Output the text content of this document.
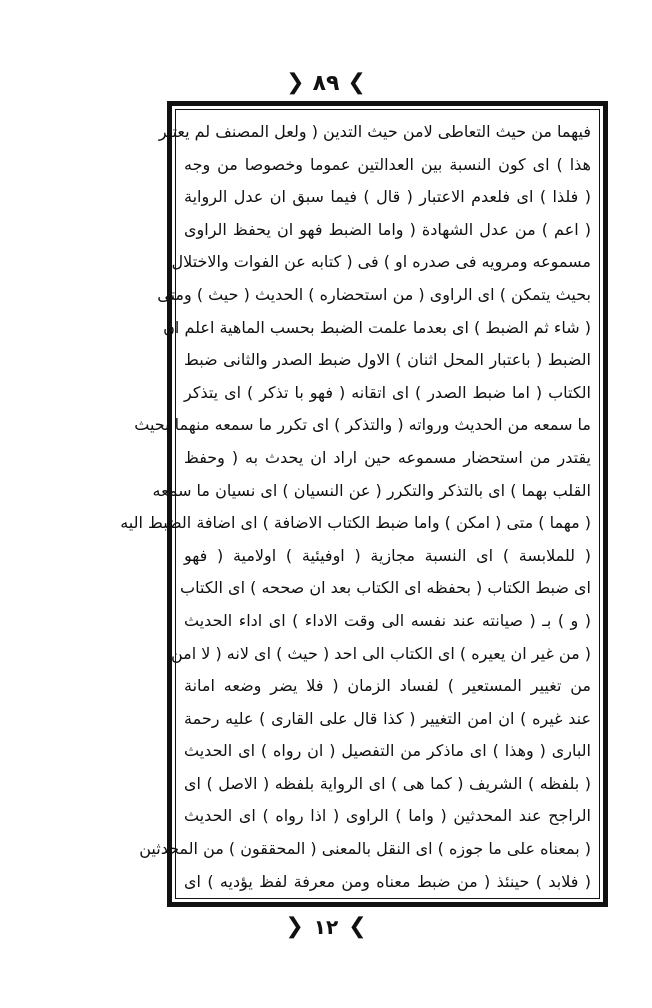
❯
٨٩
❮
فيهما من حيث التعاطى لامن حيث التدين ( ولعل المصنف لم يعتبر
هذا ) اى كون النسبة بين العدالتين عموما وخصوصا من وجه
( فلذا ) اى فلعدم الاعتبار ( قال ) فيما سبق ان عدل الرواية
( اعم ) من عدل الشهادة ( واما الضبط فهو ان يحفظ الراوى
مسموعه ومرويه فى صدره او ) فى ( كتابه عن الفوات والاختلال
بحيث يتمكن ) اى الراوى ( من استحضاره ) الحديث ( حيث ) ومتى
( شاء ثم الضبط ) اى بعدما علمت الضبط بحسب الماهية اعلم ان
الضبط ( باعتبار المحل اثنان ) الاول ضبط الصدر والثانى ضبط
الكتاب ( اما ضبط الصدر ) اى اتقانه ( فهو با تذكر ) اى يتذكر
ما سمعه من الحديث ورواته ( والتذكر ) اى تكرر ما سمعه منهما بحيث
يقتدر من استحضار مسموعه حين اراد ان يحدث به ( وحفظ
القلب بهما ) اى بالتذكر والتكرر ( عن النسيان ) اى نسيان ما سمعه
( مهما ) متى ( امكن ) واما ضبط الكتاب الاضافة ) اى اضافة الضبط اليه
( للملابسة ) اى النسبة مجازية ( اوفيئية ) اولامية ( فهو
اى ضبط الكتاب ( بحفظه اى الكتاب بعد ان صححه ) اى الكتاب
( و ) بـ ( صيانته عند نفسه الى وقت الاداء ) اى اداء الحديث
( من غير ان يعيره ) اى الكتاب الى احد ( حيث ) اى لانه ( لا امن
من تغيير المستعير ) لفساد الزمان ( فلا يضر وضعه امانة
عند غيره ) ان امن التغيير ( كذا قال على القارى ) عليه رحمة
البارى ( وهذا ) اى ماذكر من التفصيل ( ان رواه ) اى الحديث
( بلفظه ) الشريف ( كما هى ) اى الرواية بلفظه ( الاصل ) اى
الراجح عند المحدثين ( واما ) الراوى ( اذا رواه ) اى الحديث
( بمعناه على ما جوزه ) اى النقل بالمعنى ( المحققون ) من المحدثين
( فلابد ) حينئذ ( من ضبط معناه ومن معرفة لفظ يؤديه ) اى
❯
١٢
❮
